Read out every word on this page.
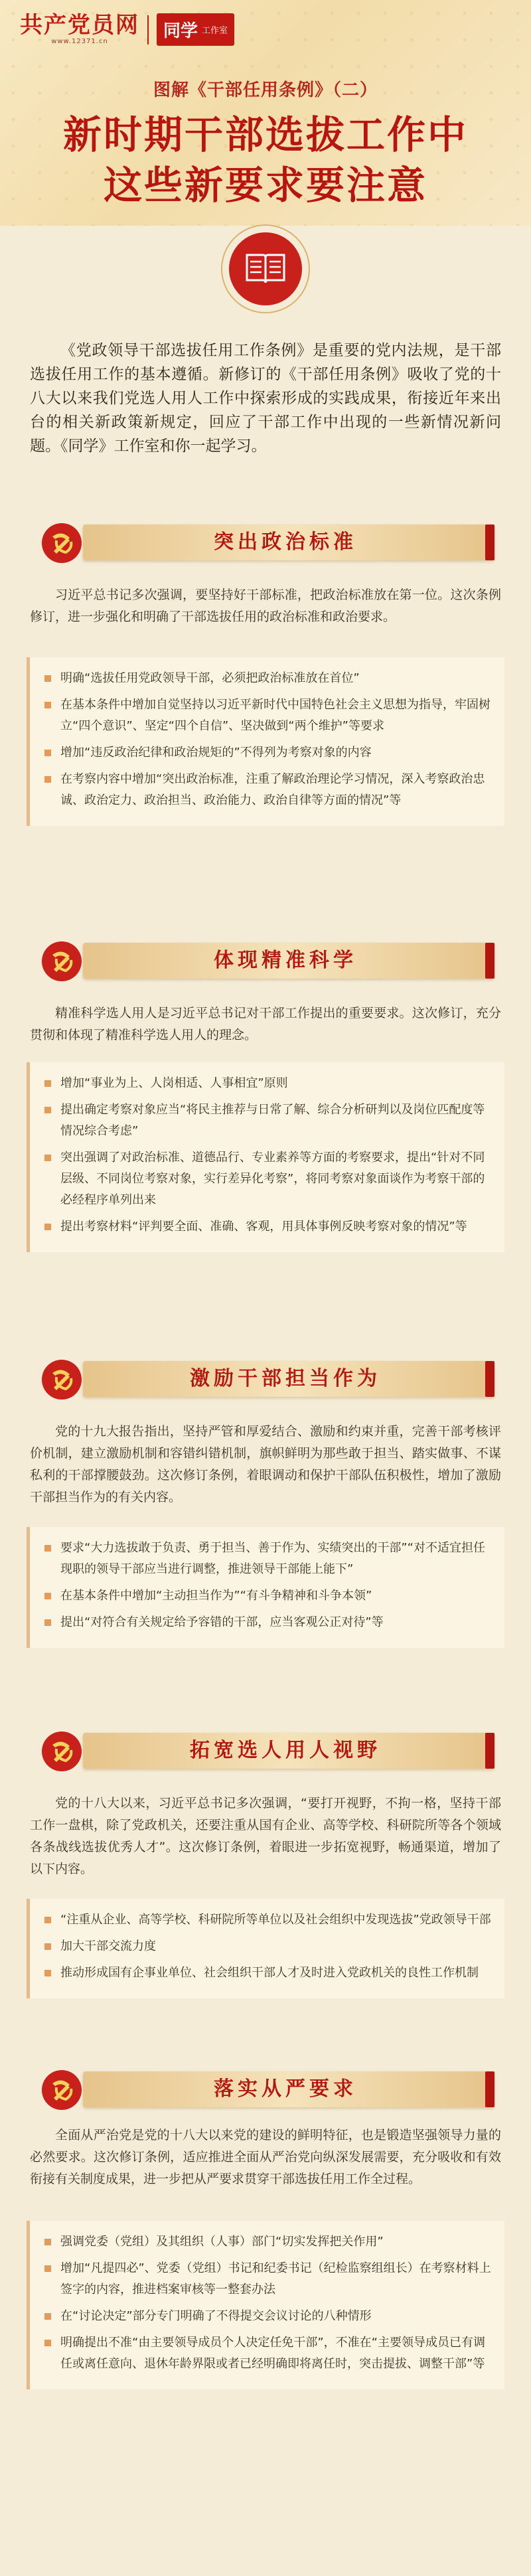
共产党员网
www.12371.cn
同学 工作室
图解《干部任用条例》（二）
新时期干部选拔工作中
这些新要求要注意
《党政领导干部选拔任用工作条例》是重要的党内法规，是干部选拔任用工作的基本遵循。新修订的《干部任用条例》吸收了党的十八大以来我们党选人用人工作中探索形成的实践成果，衔接近年来出台的相关新政策新规定，回应了干部工作中出现的一些新情况新问题。《同学》工作室和你一起学习。
突出政治标准
习近平总书记多次强调，要坚持好干部标准，把政治标准放在第一位。这次条例修订，进一步强化和明确了干部选拔任用的政治标准和政治要求。
明确“选拔任用党政领导干部，必须把政治标准放在首位”
在基本条件中增加自觉坚持以习近平新时代中国特色社会主义思想为指导，牢固树立“四个意识”、坚定“四个自信”、坚决做到“两个维护”等要求
增加“违反政治纪律和政治规矩的”不得列为考察对象的内容
在考察内容中增加“突出政治标准，注重了解政治理论学习情况，深入考察政治忠诚、政治定力、政治担当、政治能力、政治自律等方面的情况”等
体现精准科学
精准科学选人用人是习近平总书记对干部工作提出的重要要求。这次修订，充分贯彻和体现了精准科学选人用人的理念。
增加“事业为上、人岗相适、人事相宜”原则
提出确定考察对象应当“将民主推荐与日常了解、综合分析研判以及岗位匹配度等情况综合考虑”
突出强调了对政治标准、道德品行、专业素养等方面的考察要求，提出“针对不同层级、不同岗位考察对象，实行差异化考察”，将同考察对象面谈作为考察干部的必经程序单列出来
提出考察材料“评判要全面、准确、客观，用具体事例反映考察对象的情况”等
激励干部担当作为
党的十九大报告指出，坚持严管和厚爱结合、激励和约束并重，完善干部考核评价机制，建立激励机制和容错纠错机制，旗帜鲜明为那些敢于担当、踏实做事、不谋私利的干部撑腰鼓劲。这次修订条例，着眼调动和保护干部队伍积极性，增加了激励干部担当作为的有关内容。
要求“大力选拔敢于负责、勇于担当、善于作为、实绩突出的干部”“对不适宜担任现职的领导干部应当进行调整，推进领导干部能上能下”
在基本条件中增加“主动担当作为”“有斗争精神和斗争本领”
提出“对符合有关规定给予容错的干部，应当客观公正对待”等
拓宽选人用人视野
党的十八大以来，习近平总书记多次强调，“要打开视野，不拘一格，坚持干部工作一盘棋，除了党政机关，还要注重从国有企业、高等学校、科研院所等各个领域各条战线选拔优秀人才”。这次修订条例，着眼进一步拓宽视野，畅通渠道，增加了以下内容。
“注重从企业、高等学校、科研院所等单位以及社会组织中发现选拔”党政领导干部
加大干部交流力度
推动形成国有企事业单位、社会组织干部人才及时进入党政机关的良性工作机制
落实从严要求
全面从严治党是党的十八大以来党的建设的鲜明特征，也是锻造坚强领导力量的必然要求。这次修订条例，适应推进全面从严治党向纵深发展需要，充分吸收和有效衔接有关制度成果，进一步把从严要求贯穿干部选拔任用工作全过程。
强调党委（党组）及其组织（人事）部门“切实发挥把关作用”
增加“凡提四必”、党委（党组）书记和纪委书记（纪检监察组组长）在考察材料上签字的内容，推进档案审核等一整套办法
在“讨论决定”部分专门明确了不得提交会议讨论的八种情形
明确提出不准“由主要领导成员个人决定任免干部”，不准在“主要领导成员已有调任或离任意向、退休年龄界限或者已经明确即将离任时，突击提拔、调整干部”等
